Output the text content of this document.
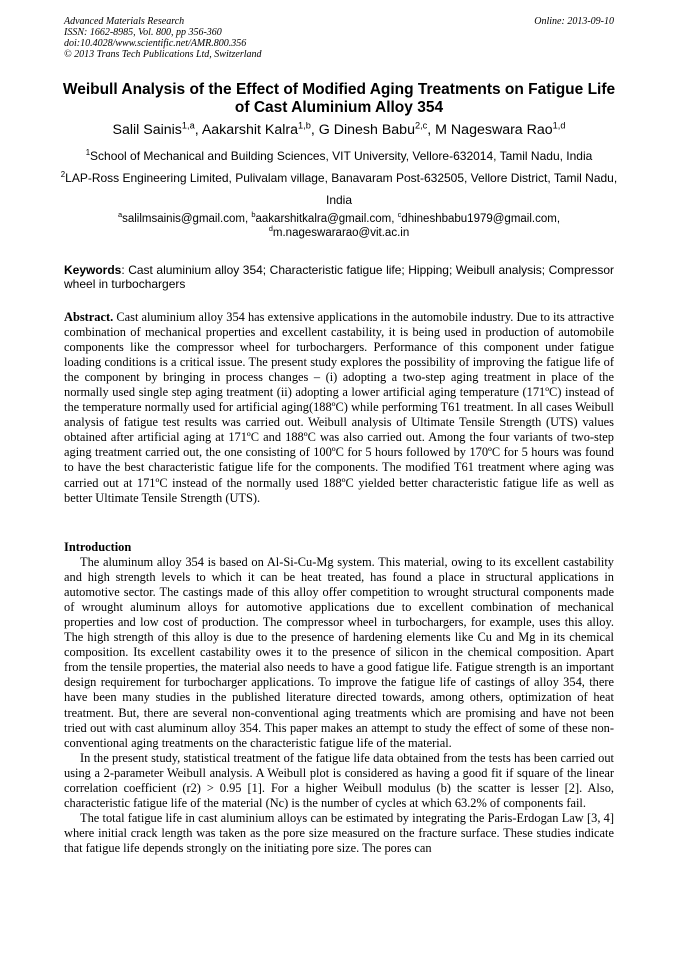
Advanced Materials Research
ISSN: 1662-8985, Vol. 800, pp 356-360
doi:10.4028/www.scientific.net/AMR.800.356
© 2013 Trans Tech Publications Ltd, Switzerland
Online: 2013-09-10
Weibull Analysis of the Effect of Modified Aging Treatments on Fatigue Life of Cast Aluminium Alloy 354
Salil Sainis$^{1,a}$, Aakarshit Kalra$^{1,b}$, G Dinesh Babu$^{2,c}$, M Nageswara Rao$^{1,d}$
$^1$School of Mechanical and Building Sciences, VIT University, Vellore-632014, Tamil Nadu, India
$^2$LAP-Ross Engineering Limited, Pulivalam village, Banavaram Post-632505, Vellore District, Tamil Nadu, India
$^a$salilmsainis@gmail.com, $^b$aakarshitkalra@gmail.com, $^c$dhineshbabu1979@gmail.com,
$^d$m.nageswararao@vit.ac.in
Keywords: Cast aluminium alloy 354; Characteristic fatigue life; Hipping; Weibull analysis; Compressor wheel in turbochargers

Abstract. Cast aluminium alloy 354 has extensive applications in the automobile industry. Due to its attractive combination of mechanical properties and excellent castability, it is being used in production of automobile components like the compressor wheel for turbochargers. Performance of this component under fatigue loading conditions is a critical issue. The present study explores the possibility of improving the fatigue life of the component by bringing in process changes – (i) adopting a two-step aging treatment in place of the normally used single step aging treatment (ii) adopting a lower artificial aging temperature (171ºC) instead of the temperature normally used for artificial aging(188ºC) while performing T61 treatment. In all cases Weibull analysis of fatigue test results was carried out. Weibull analysis of Ultimate Tensile Strength (UTS) values obtained after artificial aging at 171ºC and 188ºC was also carried out. Among the four variants of two-step aging treatment carried out, the one consisting of 100ºC for 5 hours followed by 170ºC for 5 hours was found to have the best characteristic fatigue life for the components. The modified T61 treatment where aging was carried out at 171ºC instead of the normally used 188ºC yielded better characteristic fatigue life as well as better Ultimate Tensile Strength (UTS).

Introduction

The aluminum alloy 354 is based on Al-Si-Cu-Mg system. This material, owing to its excellent castability and high strength levels to which it can be heat treated, has found a place in structural applications in automotive sector. The castings made of this alloy offer competition to wrought structural components made of wrought aluminum alloys for automotive applications due to excellent combination of mechanical properties and low cost of production. The compressor wheel in turbochargers, for example, uses this alloy. The high strength of this alloy is due to the presence of hardening elements like Cu and Mg in its chemical composition. Its excellent castability owes it to the presence of silicon in the chemical composition. Apart from the tensile properties, the material also needs to have a good fatigue life. Fatigue strength is an important design requirement for turbocharger applications. To improve the fatigue life of castings of alloy 354, there have been many studies in the published literature directed towards, among others, optimization of heat treatment. But, there are several non-conventional aging treatments which are promising and have not been tried out with cast aluminum alloy 354. This paper makes an attempt to study the effect of some of these non-conventional aging treatments on the characteristic fatigue life of the material.

In the present study, statistical treatment of the fatigue life data obtained from the tests has been carried out using a 2-parameter Weibull analysis. A Weibull plot is considered as having a good fit if square of the linear correlation coefficient (r2) > 0.95 [1]. For a higher Weibull modulus (b) the scatter is lesser [2]. Also, characteristic fatigue life of the material (Nc) is the number of cycles at which 63.2% of components fail.

The total fatigue life in cast aluminium alloys can be estimated by integrating the Paris-Erdogan Law [3, 4] where initial crack length was taken as the pore size measured on the fracture surface. These studies indicate that fatigue life depends strongly on the initiating pore size. The pores can
